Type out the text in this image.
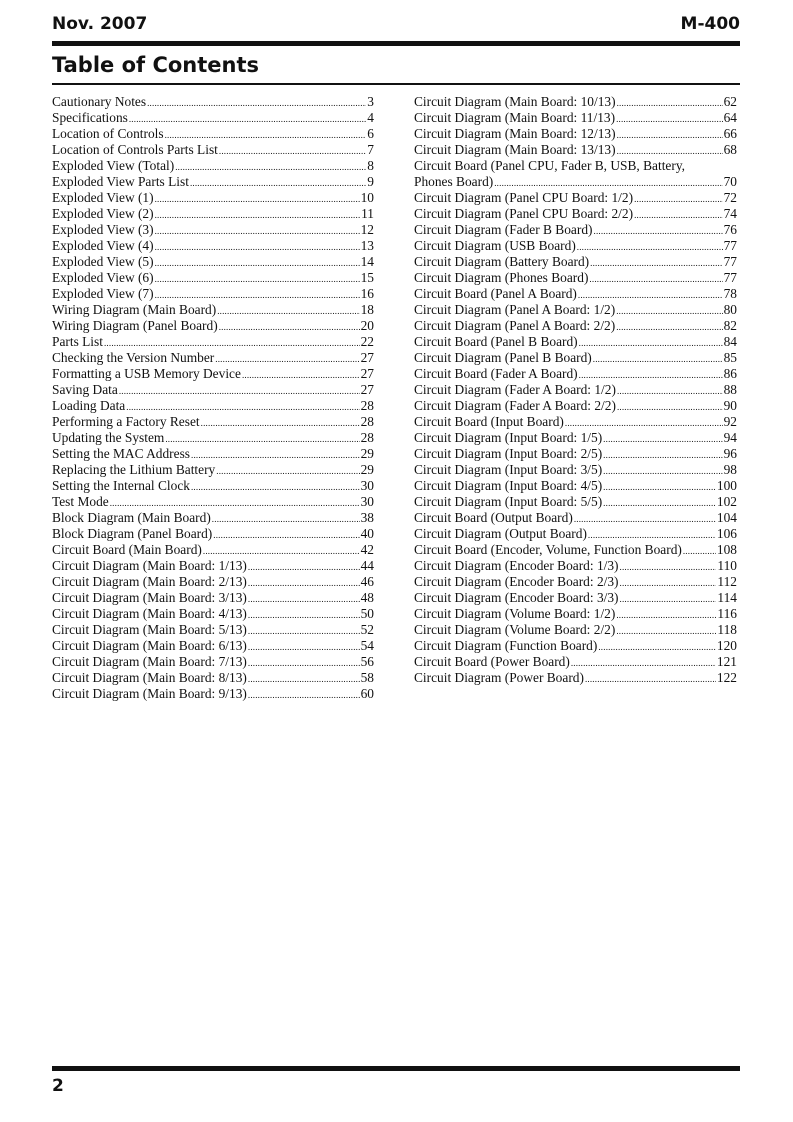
Nov. 2007	M-400
Table of Contents
Cautionary Notes .....	3
Specifications .....	4
Location of Controls .....	6
Location of Controls Parts List .....	7
Exploded View (Total) .....	8
Exploded View Parts List .....	9
Exploded View (1) .....	10
Exploded View (2) .....	11
Exploded View (3) .....	12
Exploded View (4) .....	13
Exploded View (5) .....	14
Exploded View (6) .....	15
Exploded View (7) .....	16
Wiring Diagram (Main Board) .....	18
Wiring Diagram (Panel Board) .....	20
Parts List .....	22
Checking the Version Number .....	27
Formatting a USB Memory Device .....	27
Saving Data .....	27
Loading Data .....	28
Performing a Factory Reset .....	28
Updating the System .....	28
Setting the MAC Address .....	29
Replacing the Lithium Battery .....	29
Setting the Internal Clock .....	30
Test Mode .....	30
Block Diagram (Main Board) .....	38
Block Diagram (Panel Board) .....	40
Circuit Board (Main Board) .....	42
Circuit Diagram (Main Board: 1/13) .....	44
Circuit Diagram (Main Board: 2/13) .....	46
Circuit Diagram (Main Board: 3/13) .....	48
Circuit Diagram (Main Board: 4/13) .....	50
Circuit Diagram (Main Board: 5/13) .....	52
Circuit Diagram (Main Board: 6/13) .....	54
Circuit Diagram (Main Board: 7/13) .....	56
Circuit Diagram (Main Board: 8/13) .....	58
Circuit Diagram (Main Board: 9/13) .....	60
Circuit Diagram (Main Board: 10/13) .....	62
Circuit Diagram (Main Board: 11/13) .....	64
Circuit Diagram (Main Board: 12/13) .....	66
Circuit Diagram (Main Board: 13/13) .....	68
Circuit Board (Panel CPU, Fader B, USB, Battery,
Phones Board) .....	70
Circuit Diagram (Panel CPU Board: 1/2) .....	72
Circuit Diagram (Panel CPU Board: 2/2) .....	74
Circuit Diagram (Fader B Board) .....	76
Circuit Diagram (USB Board) .....	77
Circuit Diagram (Battery Board) .....	77
Circuit Diagram (Phones Board) .....	77
Circuit Board (Panel A Board) .....	78
Circuit Diagram (Panel A Board: 1/2) .....	80
Circuit Diagram (Panel A Board: 2/2) .....	82
Circuit Board (Panel B Board) .....	84
Circuit Diagram (Panel B Board) .....	85
Circuit Board (Fader A Board) .....	86
Circuit Diagram (Fader A Board: 1/2) .....	88
Circuit Diagram (Fader A Board: 2/2) .....	90
Circuit Board (Input Board) .....	92
Circuit Diagram (Input Board: 1/5) .....	94
Circuit Diagram (Input Board: 2/5) .....	96
Circuit Diagram (Input Board: 3/5) .....	98
Circuit Diagram (Input Board: 4/5) .....	100
Circuit Diagram (Input Board: 5/5) .....	102
Circuit Board (Output Board) .....	104
Circuit Diagram (Output Board) .....	106
Circuit Board (Encoder, Volume, Function Board) .....	108
Circuit Diagram (Encoder Board: 1/3) .....	110
Circuit Diagram (Encoder Board: 2/3) .....	112
Circuit Diagram (Encoder Board: 3/3) .....	114
Circuit Diagram (Volume Board: 1/2) .....	116
Circuit Diagram (Volume Board: 2/2) .....	118
Circuit Diagram (Function Board) .....	120
Circuit Board (Power Board) .....	121
Circuit Diagram (Power Board) .....	122
2
